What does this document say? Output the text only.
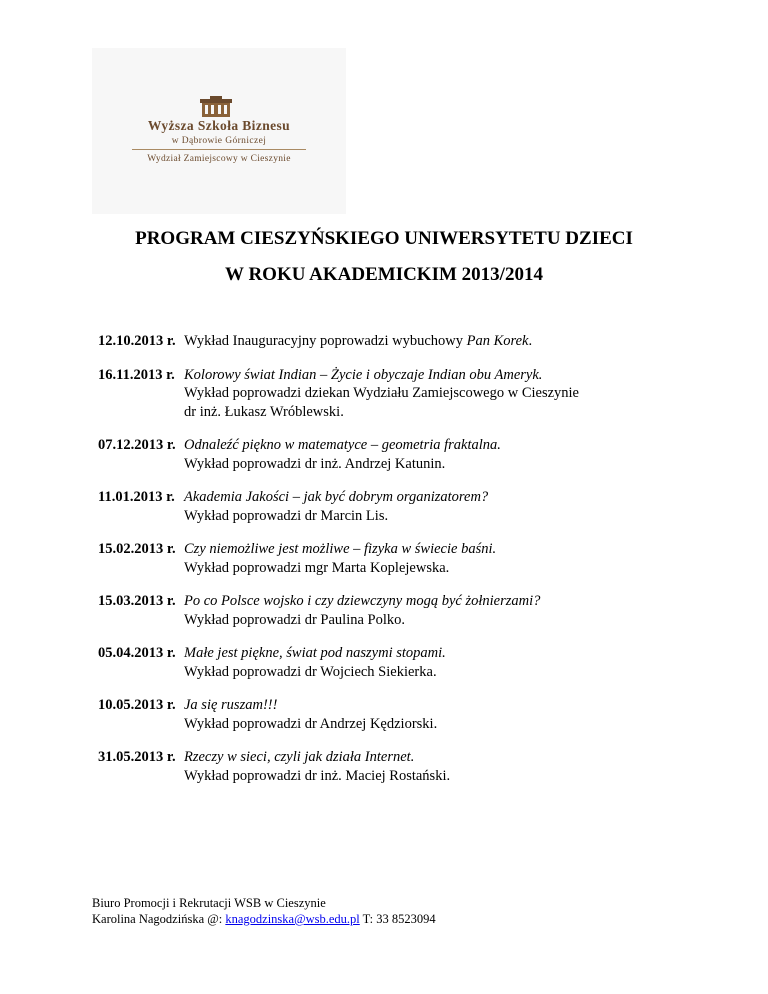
Wyższa Szkoła Biznesu
w Dąbrowie Górniczej
Wydział Zamiejscowy w Cieszynie
PROGRAM CIESZYŃSKIEGO UNIWERSYTETU DZIECI
W ROKU AKADEMICKIM 2013/2014
12.10.2013 r. Wykład Inauguracyjny poprowadzi wybuchowy Pan Korek.
16.11.2013 r. Kolorowy świat Indian – Życie i obyczaje Indian obu Ameryk.
Wykład poprowadzi dziekan Wydziału Zamiejscowego w Cieszynie
dr inż. Łukasz Wróblewski.
07.12.2013 r. Odnaleźć piękno w matematyce – geometria fraktalna.
Wykład poprowadzi dr inż. Andrzej Katunin.
11.01.2013 r. Akademia Jakości – jak być dobrym organizatorem?
Wykład poprowadzi dr Marcin Lis.
15.02.2013 r. Czy niemożliwe jest możliwe – fizyka w świecie baśni.
Wykład poprowadzi mgr Marta Koplejewska.
15.03.2013 r. Po co Polsce wojsko i czy dziewczyny mogą być żołnierzami?
Wykład poprowadzi dr Paulina Polko.
05.04.2013 r. Małe jest piękne, świat pod naszymi stopami.
Wykład poprowadzi dr Wojciech Siekierka.
10.05.2013 r. Ja się ruszam!!!
Wykład poprowadzi dr Andrzej Kędziorski.
31.05.2013 r. Rzeczy w sieci, czyli jak działa Internet.
Wykład poprowadzi dr inż. Maciej Rostański.
Biuro Promocji i Rekrutacji WSB w Cieszynie
Karolina Nagodzińska @: knagodzinska@wsb.edu.pl T: 33 8523094
